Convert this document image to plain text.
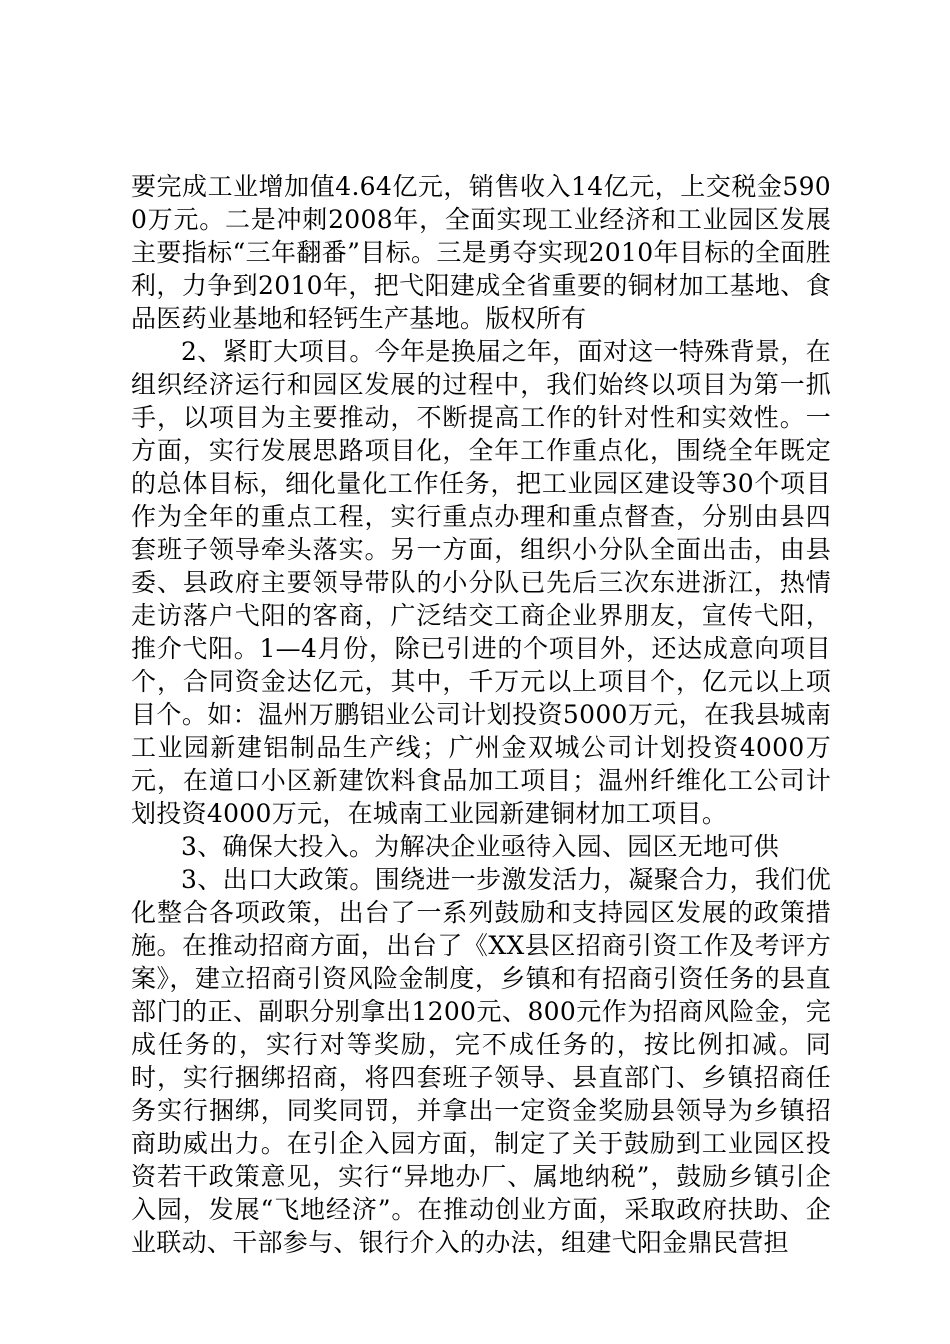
要完成工业增加值4.64亿元，销售收入14亿元，上交税金5900万元。二是冲刺2008年，全面实现工业经济和工业园区发展主要指标“三年翻番”目标。三是勇夺实现2010年目标的全面胜利，力争到2010年，把弋阳建成全省重要的铜材加工基地、食品医药业基地和轻钙生产基地。版权所有

2、紧盯大项目。今年是换届之年，面对这一特殊背景，在组织经济运行和园区发展的过程中，我们始终以项目为第一抓手，以项目为主要推动，不断提高工作的针对性和实效性。一方面，实行发展思路项目化，全年工作重点化，围绕全年既定的总体目标，细化量化工作任务，把工业园区建设等30个项目作为全年的重点工程，实行重点办理和重点督查，分别由县四套班子领导牵头落实。另一方面，组织小分队全面出击，由县委、县政府主要领导带队的小分队已先后三次东进浙江，热情走访落户弋阳的客商，广泛结交工商企业界朋友，宣传弋阳，推介弋阳。1—4月份，除已引进的个项目外，还达成意向项目个，合同资金达亿元，其中，千万元以上项目个，亿元以上项目个。如：温州万鹏铝业公司计划投资5000万元，在我县城南工业园新建铝制品生产线；广州金双城公司计划投资4000万元，在道口小区新建饮料食品加工项目；温州纤维化工公司计划投资4000万元，在城南工业园新建铜材加工项目。

3、确保大投入。为解决企业亟待入园、园区无地可供

3、出口大政策。围绕进一步激发活力，凝聚合力，我们优化整合各项政策，出台了一系列鼓励和支持园区发展的政策措施。在推动招商方面，出台了《XX县区招商引资工作及考评方案》，建立招商引资风险金制度，乡镇和有招商引资任务的县直部门的正、副职分别拿出1200元、800元作为招商风险金，完成任务的，实行对等奖励，完不成任务的，按比例扣减。同时，实行捆绑招商，将四套班子领导、县直部门、乡镇招商任务实行捆绑，同奖同罚，并拿出一定资金奖励县领导为乡镇招商助威出力。在引企入园方面，制定了关于鼓励到工业园区投资若干政策意见，实行“异地办厂、属地纳税”，鼓励乡镇引企入园，发展“飞地经济”。在推动创业方面，采取政府扶助、企业联动、干部参与、银行介入的办法，组建弋阳金鼎民营担
